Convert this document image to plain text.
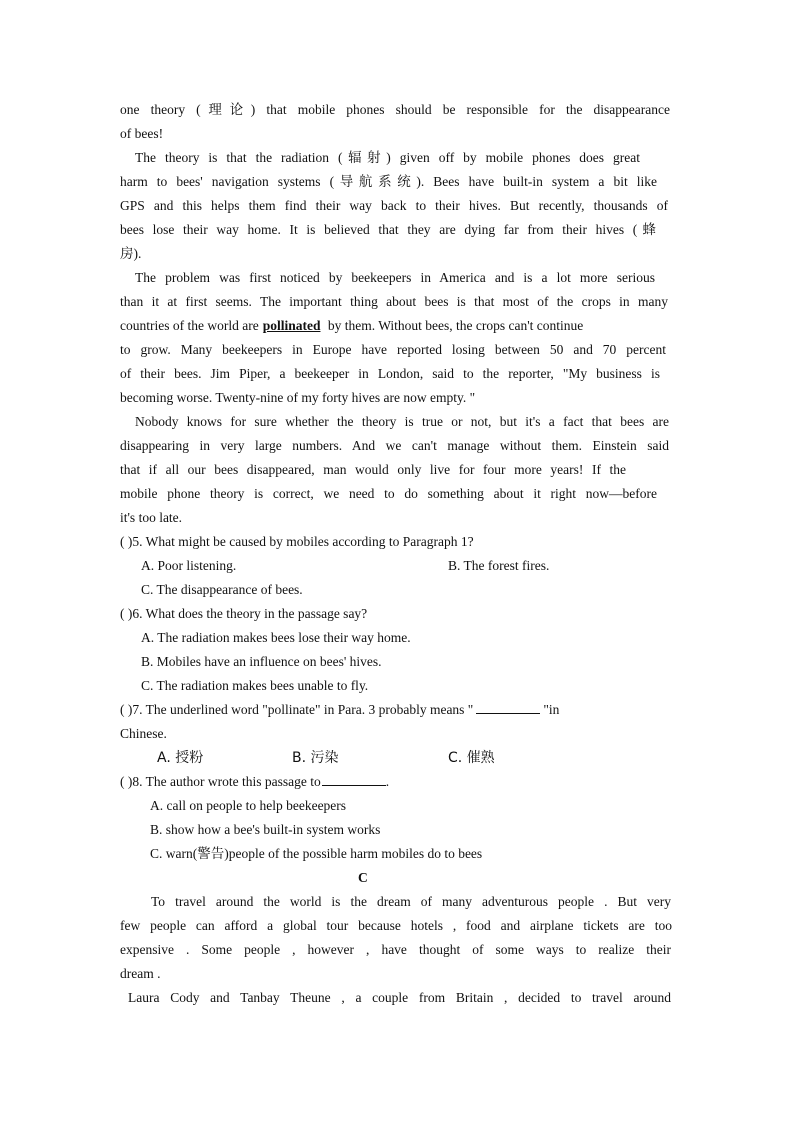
one theory (理论) that mobile phones should be responsible for the disappearance
of bees!
The theory is that the radiation (辐射) given off by mobile phones does great
harm to bees' navigation systems (导航系统). Bees have built-in system a bit like
GPS and this helps them find their way back to their hives. But recently, thousands of
bees lose their way home. It is believed that they are dying far from their hives (蜂
房).
The problem was first noticed by beekeepers in America and is a lot more serious
than it at first seems. The important thing about bees is that most of the crops in many
countries of the world are pollinated by them. Without bees, the crops can't continue
to grow. Many beekeepers in Europe have reported losing between 50 and 70 percent
of their bees. Jim Piper, a beekeeper in London, said to the reporter, "My business is
becoming worse. Twenty-nine of my forty hives are now empty. "
Nobody knows for sure whether the theory is true or not, but it's a fact that bees are
disappearing in very large numbers. And we can't manage without them. Einstein said
that if all our bees disappeared, man would only live for four more years! If the
mobile phone theory is correct, we need to do something about it right now—before
it's too late.
( )5. What might be caused by mobiles according to Paragraph 1?
A. Poor listening.	B. The forest fires.
C. The disappearance of bees.
( )6. What does the theory in the passage say?
A. The radiation makes bees lose their way home.
B. Mobiles have an influence on bees' hives.
C. The radiation makes bees unable to fly.
( )7. The underlined word "pollinate" in Para. 3 probably means "	"in
Chinese.
A. 授粉	B. 污染	C. 催熟
( )8. The author wrote this passage to	.
A. call on people to help beekeepers
B. show how a bee's built-in system works
C. warn(警告)people of the possible harm mobiles do to bees
C
To travel around the world is the dream of many adventurous people . But very
few people can afford a global tour because hotels , food and airplane tickets are too
expensive . Some people , however , have thought of some ways to realize their
dream .
Laura Cody and Tanbay Theune , a couple from Britain , decided to travel around
